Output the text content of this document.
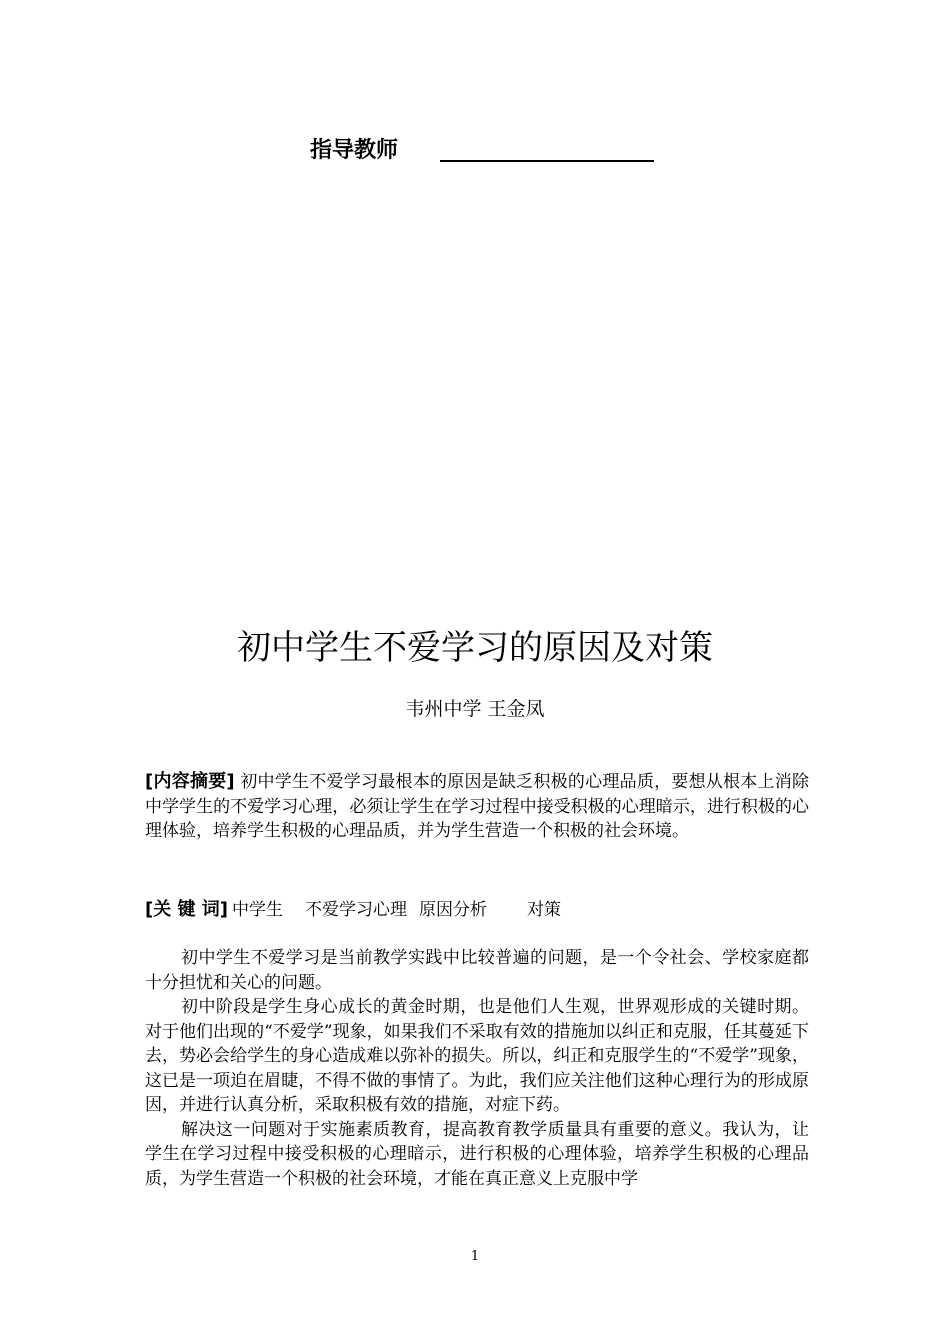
指导教师
初中学生不爱学习的原因及对策
韦州中学 王金凤
[内容摘要] 初中学生不爱学习最根本的原因是缺乏积极的心理品质，要想从根本上消除中学学生的不爱学习心理，必须让学生在学习过程中接受积极的心理暗示，进行积极的心理体验，培养学生积极的心理品质，并为学生营造一个积极的社会环境。
[关 键 词] 中学生 不爱学习心理 原因分析 对策

初中学生不爱学习是当前教学实践中比较普遍的问题，是一个令社会、学校家庭都十分担忧和关心的问题。

初中阶段是学生身心成长的黄金时期，也是他们人生观，世界观形成的关键时期。对于他们出现的“不爱学”现象，如果我们不采取有效的措施加以纠正和克服，任其蔓延下去，势必会给学生的身心造成难以弥补的损失。所以，纠正和克服学生的“不爱学”现象，这已是一项迫在眉睫，不得不做的事情了。为此，我们应关注他们这种心理行为的形成原因，并进行认真分析，采取积极有效的措施，对症下药。

解决这一问题对于实施素质教育，提高教育教学质量具有重要的意义。我认为，让学生在学习过程中接受积极的心理暗示，进行积极的心理体验，培养学生积极的心理品质，为学生营造一个积极的社会环境，才能在真正意义上克服中学

1
